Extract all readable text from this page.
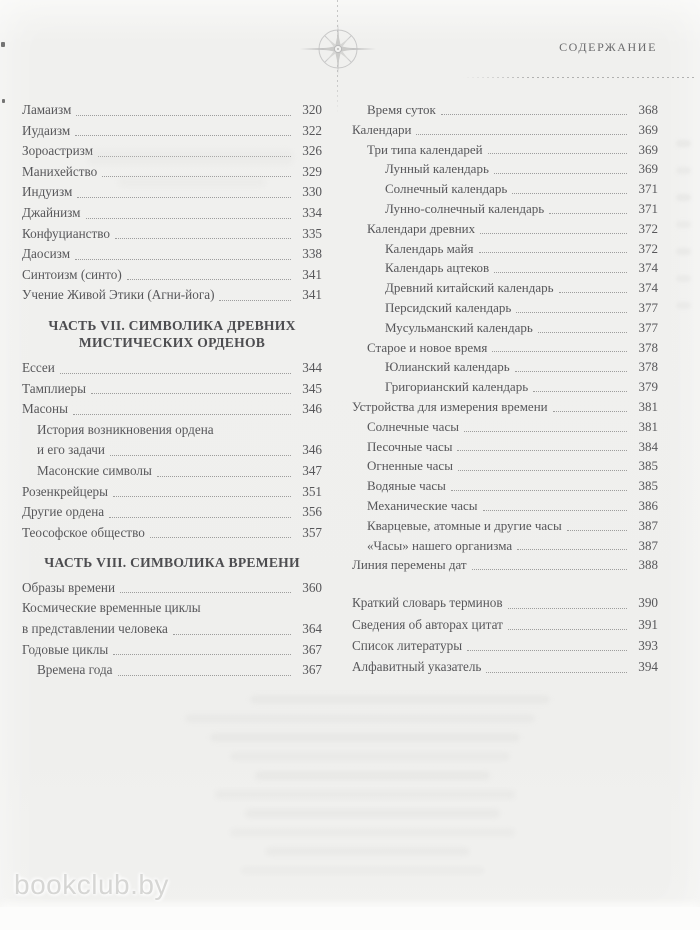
СОДЕРЖАНИЕ
Ламаизм	320
Иудаизм	322
Зороастризм	326
Манихейство	329
Индуизм	330
Джайнизм	334
Конфуцианство	335
Даосизм	338
Синтоизм (синто)	341
Учение Живой Этики (Агни-йога)	341
ЧАСТЬ VII. СИМВОЛИКА ДРЕВНИХ
МИСТИЧЕСКИХ ОРДЕНОВ
Ессеи	344
Тамплиеры	345
Масоны	346
История возникновения ордена
и его задачи	346
Масонские символы	347
Розенкрейцеры	351
Другие ордена	356
Теософское общество	357
ЧАСТЬ VIII. СИМВОЛИКА ВРЕМЕНИ
Образы времени	360
Космические временные циклы
в представлении человека	364
Годовые циклы	367
Времена года	367
Время суток	368
Календари	369
Три типа календарей	369
Лунный календарь	369
Солнечный календарь	371
Лунно-солнечный календарь	371
Календари древних	372
Календарь майя	372
Календарь ацтеков	374
Древний китайский календарь	374
Персидский календарь	377
Мусульманский календарь	377
Старое и новое время	378
Юлианский календарь	378
Григорианский календарь	379
Устройства для измерения времени	381
Солнечные часы	381
Песочные часы	384
Огненные часы	385
Водяные часы	385
Механические часы	386
Кварцевые, атомные и другие часы	387
«Часы» нашего организма	387
Линия перемены дат	388
Краткий словарь терминов	390
Сведения об авторах цитат	391
Список литературы	393
Алфавитный указатель	394
bookclub.by
